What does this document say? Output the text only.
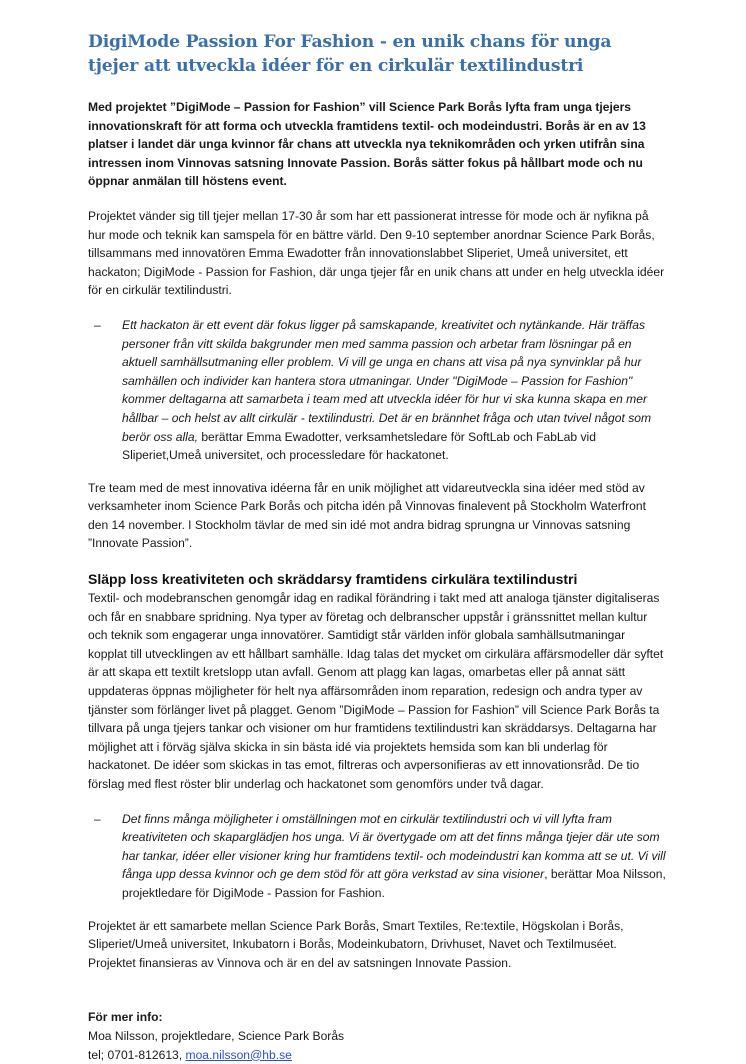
DigiMode Passion For Fashion - en unik chans för unga tjejer att utveckla idéer för en cirkulär textilindustri

Med projektet ”DigiMode – Passion for Fashion” vill Science Park Borås lyfta fram unga tjejers innovationskraft för att forma och utveckla framtidens textil- och modeindustri. Borås är en av 13 platser i landet där unga kvinnor får chans att utveckla nya teknikområden och yrken utifrån sina intressen inom Vinnovas satsning Innovate Passion. Borås sätter fokus på hållbart mode och nu öppnar anmälan till höstens event.

Projektet vänder sig till tjejer mellan 17-30 år som har ett passionerat intresse för mode och är nyfikna på hur mode och teknik kan samspela för en bättre värld. Den 9-10 september anordnar Science Park Borås, tillsammans med innovatören Emma Ewadotter från innovationslabbet Sliperiet, Umeå universitet, ett hackaton; DigiMode - Passion for Fashion, där unga tjejer får en unik chans att under en helg utveckla idéer för en cirkulär textilindustri.

–	Ett hackaton är ett event där fokus ligger på samskapande, kreativitet och nytänkande. Här träffas personer från vitt skilda bakgrunder men med samma passion och arbetar fram lösningar på en aktuell samhällsutmaning eller problem. Vi vill ge unga en chans att visa på nya synvinklar på hur samhällen och individer kan hantera stora utmaningar. Under "DigiMode – Passion for Fashion" kommer deltagarna att samarbeta i team med att utveckla idéer för hur vi ska kunna skapa en mer hållbar – och helst av allt cirkulär - textilindustri. Det är en brännhet fråga och utan tvivel något som berör oss alla, berättar Emma Ewadotter, verksamhetsledare för SoftLab och FabLab vid Sliperiet,Umeå universitet, och processledare för hackatonet.

Tre team med de mest innovativa idéerna får en unik möjlighet att vidareutveckla sina idéer med stöd av verksamheter inom Science Park Borås och pitcha idén på Vinnovas finalevent på Stockholm Waterfront den 14 november. I Stockholm tävlar de med sin idé mot andra bidrag sprungna ur Vinnovas satsning ”Innovate Passion”.

Släpp loss kreativiteten och skräddarsy framtidens cirkulära textilindustri

Textil- och modebranschen genomgår idag en radikal förändring i takt med att analoga tjänster digitaliseras och får en snabbare spridning. Nya typer av företag och delbranscher uppstår i gränssnittet mellan kultur och teknik som engagerar unga innovatörer. Samtidigt står världen inför globala samhällsutmaningar kopplat till utvecklingen av ett hållbart samhälle. Idag talas det mycket om cirkulära affärsmodeller där syftet är att skapa ett textilt kretslopp utan avfall. Genom att plagg kan lagas, omarbetas eller på annat sätt uppdateras öppnas möjligheter för helt nya affärsområden inom reparation, redesign och andra typer av tjänster som förlänger livet på plagget. Genom ”DigiMode – Passion for Fashion” vill Science Park Borås ta tillvara på unga tjejers tankar och visioner om hur framtidens textilindustri kan skräddarsys. Deltagarna har möjlighet att i förväg själva skicka in sin bästa idé via projektets hemsida som kan bli underlag för hackatonet. De idéer som skickas in tas emot, filtreras och avpersonifieras av ett innovationsråd. De tio förslag med flest röster blir underlag och hackatonet som genomförs under två dagar.

–	Det finns många möjligheter i omställningen mot en cirkulär textilindustri och vi vill lyfta fram kreativiteten och skaparglädjen hos unga. Vi är övertygade om att det finns många tjejer där ute som har tankar, idéer eller visioner kring hur framtidens textil- och modeindustri kan komma att se ut. Vi vill fånga upp dessa kvinnor och ge dem stöd för att göra verkstad av sina visioner, berättar Moa Nilsson, projektledare för DigiMode - Passion for Fashion.

Projektet är ett samarbete mellan Science Park Borås, Smart Textiles, Re:textile, Högskolan i Borås, Sliperiet/Umeå universitet, Inkubatorn i Borås, Modeinkubatorn, Drivhuset, Navet och Textilmuséet. Projektet finansieras av Vinnova och är en del av satsningen Innovate Passion.

För mer info:

Moa Nilsson, projektledare, Science Park Borås

tel; 0701-812613, moa.nilsson@hb.se
